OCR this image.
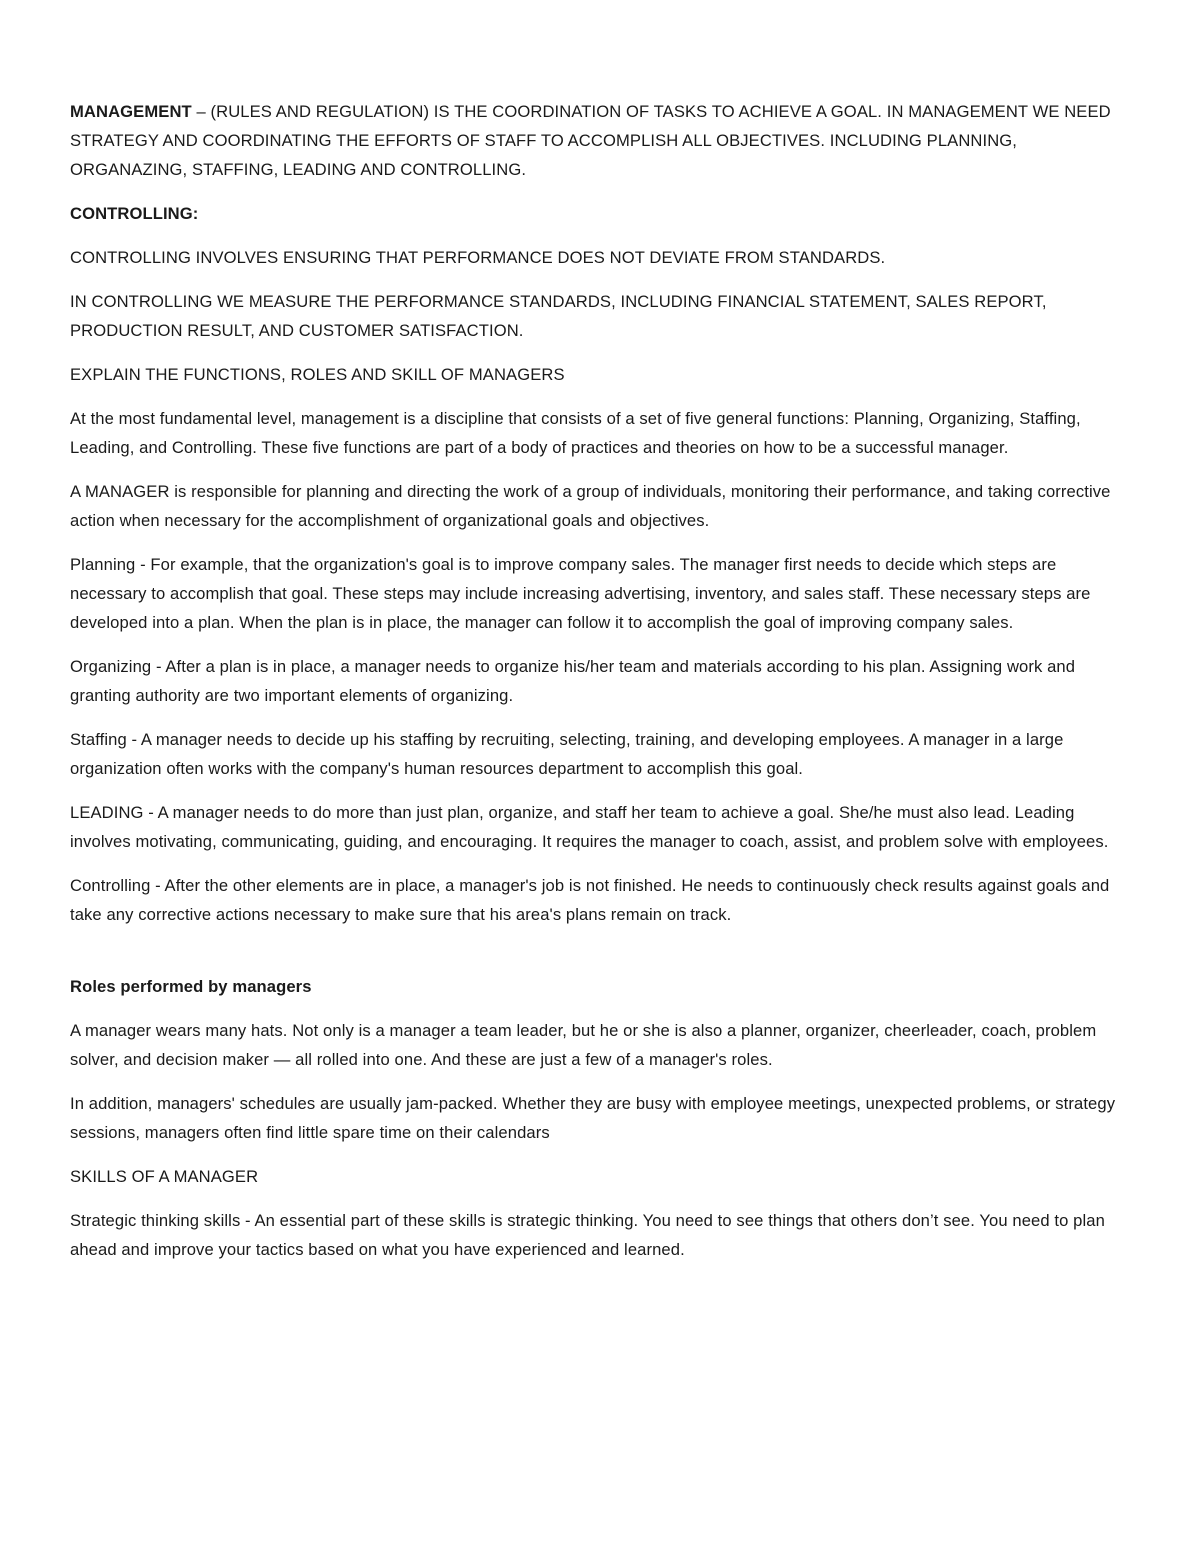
MANAGEMENT – (RULES AND REGULATION) IS THE COORDINATION OF TASKS TO ACHIEVE A GOAL. IN MANAGEMENT WE NEED STRATEGY AND COORDINATING THE EFFORTS OF STAFF TO ACCOMPLISH ALL OBJECTIVES. INCLUDING PLANNING, ORGANAZING, STAFFING, LEADING AND CONTROLLING.

CONTROLLING:

CONTROLLING INVOLVES ENSURING THAT PERFORMANCE DOES NOT DEVIATE FROM STANDARDS.

IN CONTROLLING WE MEASURE THE PERFORMANCE STANDARDS, INCLUDING FINANCIAL STATEMENT, SALES REPORT, PRODUCTION RESULT, AND CUSTOMER SATISFACTION.

EXPLAIN THE FUNCTIONS, ROLES AND SKILL OF MANAGERS

At the most fundamental level, management is a discipline that consists of a set of five general functions: Planning, Organizing, Staffing, Leading, and Controlling. These five functions are part of a body of practices and theories on how to be a successful manager.

A MANAGER is responsible for planning and directing the work of a group of individuals, monitoring their performance, and taking corrective action when necessary for the accomplishment of organizational goals and objectives.

Planning - For example, that the organization's goal is to improve company sales. The manager first needs to decide which steps are necessary to accomplish that goal. These steps may include increasing advertising, inventory, and sales staff. These necessary steps are developed into a plan. When the plan is in place, the manager can follow it to accomplish the goal of improving company sales.

Organizing - After a plan is in place, a manager needs to organize his/her team and materials according to his plan. Assigning work and granting authority are two important elements of organizing.

Staffing - A manager needs to decide up his staffing by recruiting, selecting, training, and developing employees. A manager in a large organization often works with the company's human resources department to accomplish this goal.

LEADING - A manager needs to do more than just plan, organize, and staff her team to achieve a goal. She/he must also lead. Leading involves motivating, communicating, guiding, and encouraging. It requires the manager to coach, assist, and problem solve with employees.

Controlling - After the other elements are in place, a manager's job is not finished. He needs to continuously check results against goals and take any corrective actions necessary to make sure that his area's plans remain on track.

Roles performed by managers

A manager wears many hats. Not only is a manager a team leader, but he or she is also a planner, organizer, cheerleader, coach, problem solver, and decision maker — all rolled into one. And these are just a few of a manager's roles.

In addition, managers' schedules are usually jam-packed. Whether they are busy with employee meetings, unexpected problems, or strategy sessions, managers often find little spare time on their calendars

SKILLS OF A MANAGER

Strategic thinking skills - An essential part of these skills is strategic thinking. You need to see things that others don’t see. You need to plan ahead and improve your tactics based on what you have experienced and learned.
